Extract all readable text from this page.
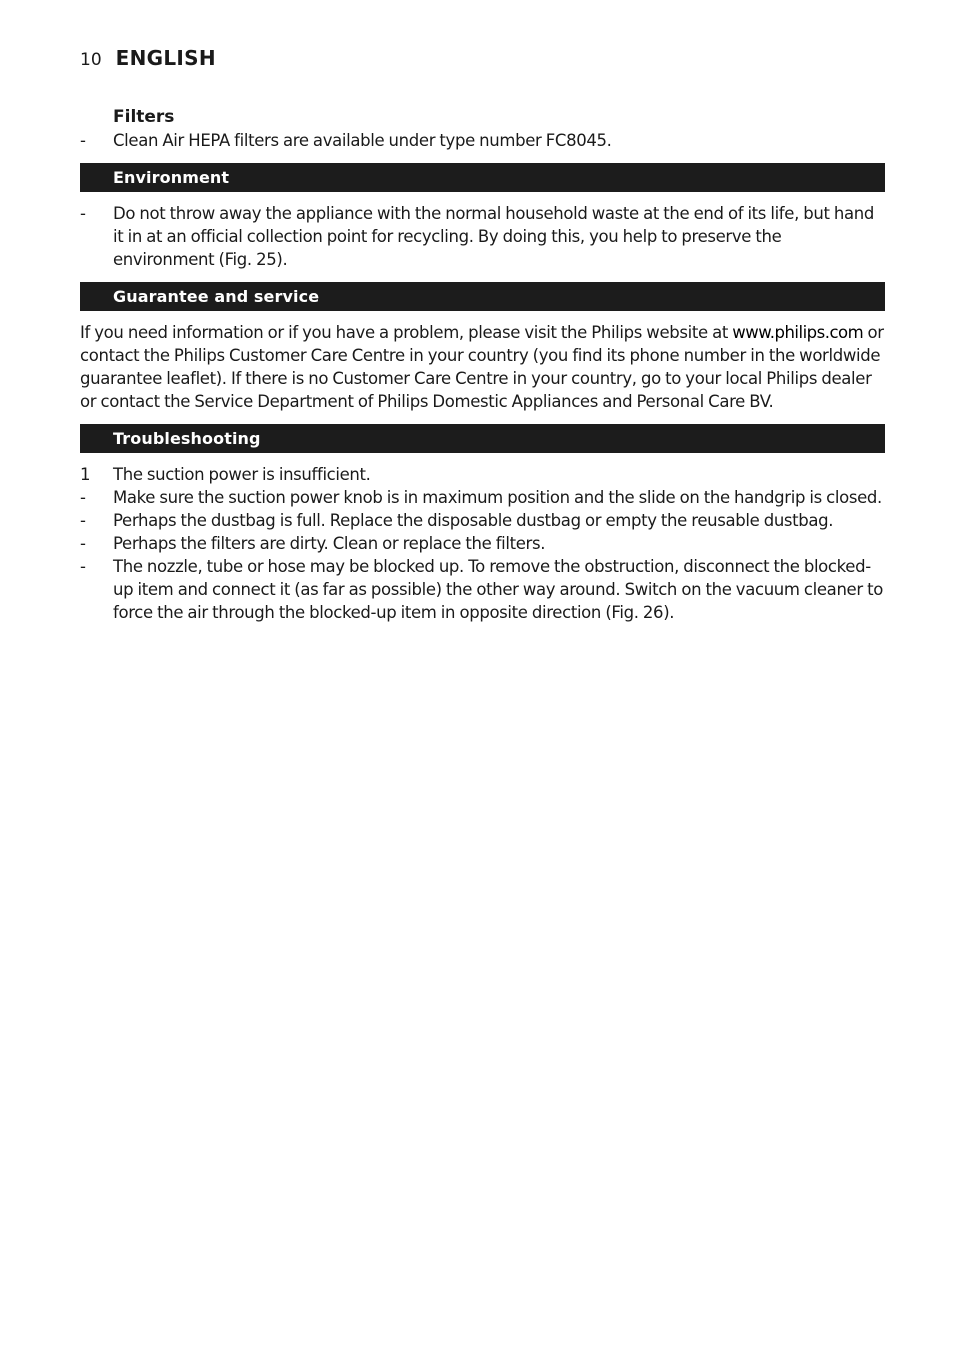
10 ENGLISH
Filters
- Clean Air HEPA filters are available under type number FC8045.
Environment
- Do not throw away the appliance with the normal household waste at the end of its life, but hand it in at an official collection point for recycling. By doing this, you help to preserve the environment (Fig. 25).
Guarantee and service
If you need information or if you have a problem, please visit the Philips website at www.philips.com or contact the Philips Customer Care Centre in your country (you find its phone number in the worldwide guarantee leaflet). If there is no Customer Care Centre in your country, go to your local Philips dealer or contact the Service Department of Philips Domestic Appliances and Personal Care BV.
Troubleshooting
1 The suction power is insufficient.
- Make sure the suction power knob is in maximum position and the slide on the handgrip is closed.
- Perhaps the dustbag is full. Replace the disposable dustbag or empty the reusable dustbag.
- Perhaps the filters are dirty. Clean or replace the filters.
- The nozzle, tube or hose may be blocked up. To remove the obstruction, disconnect the blocked-up item and connect it (as far as possible) the other way around. Switch on the vacuum cleaner to force the air through the blocked-up item in opposite direction (Fig. 26).
